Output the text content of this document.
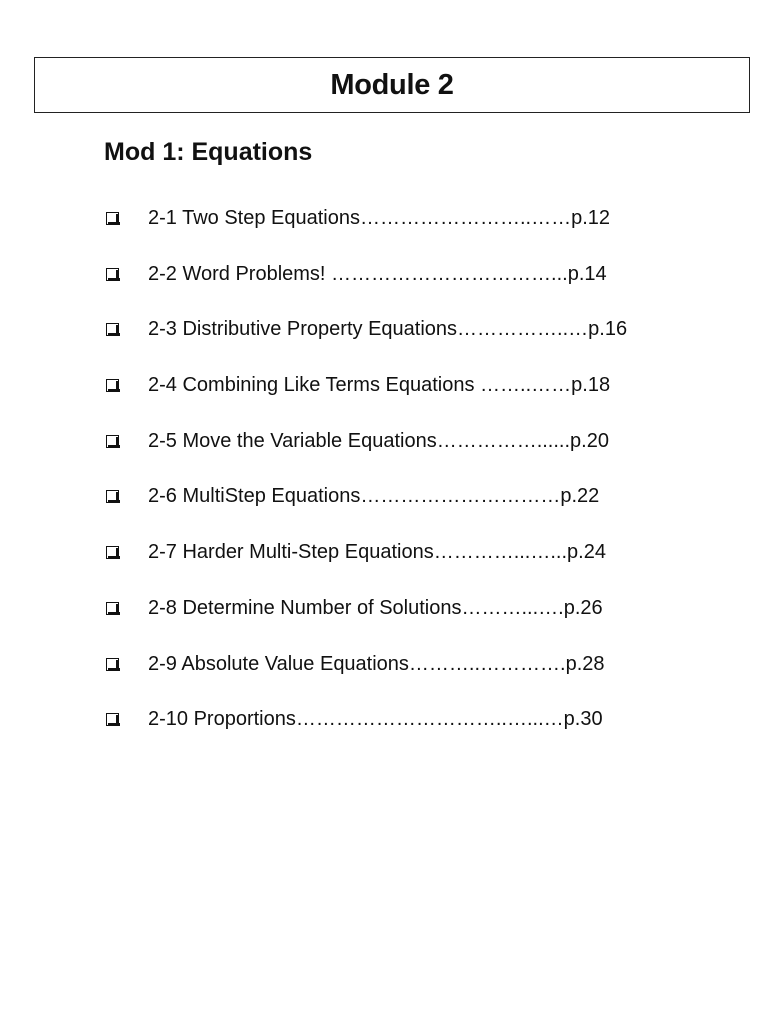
Module 2
Mod 1: Equations
2-1 Two Step Equations……………………..……p.12
2-2 Word Problems! ……………………………...p.14
2-3 Distributive Property Equations……………..…p.16
2-4 Combining Like Terms Equations ……..……p.18
2-5 Move the Variable Equations……………......p.20
2-6 MultiStep Equations…………………………p.22
2-7 Harder Multi-Step Equations…………...…...p.24
2-8 Determine Number of Solutions………...….p.26
2-9 Absolute Value Equations………..………….p.28
2-10 Proportions…………………………..…...…p.30
